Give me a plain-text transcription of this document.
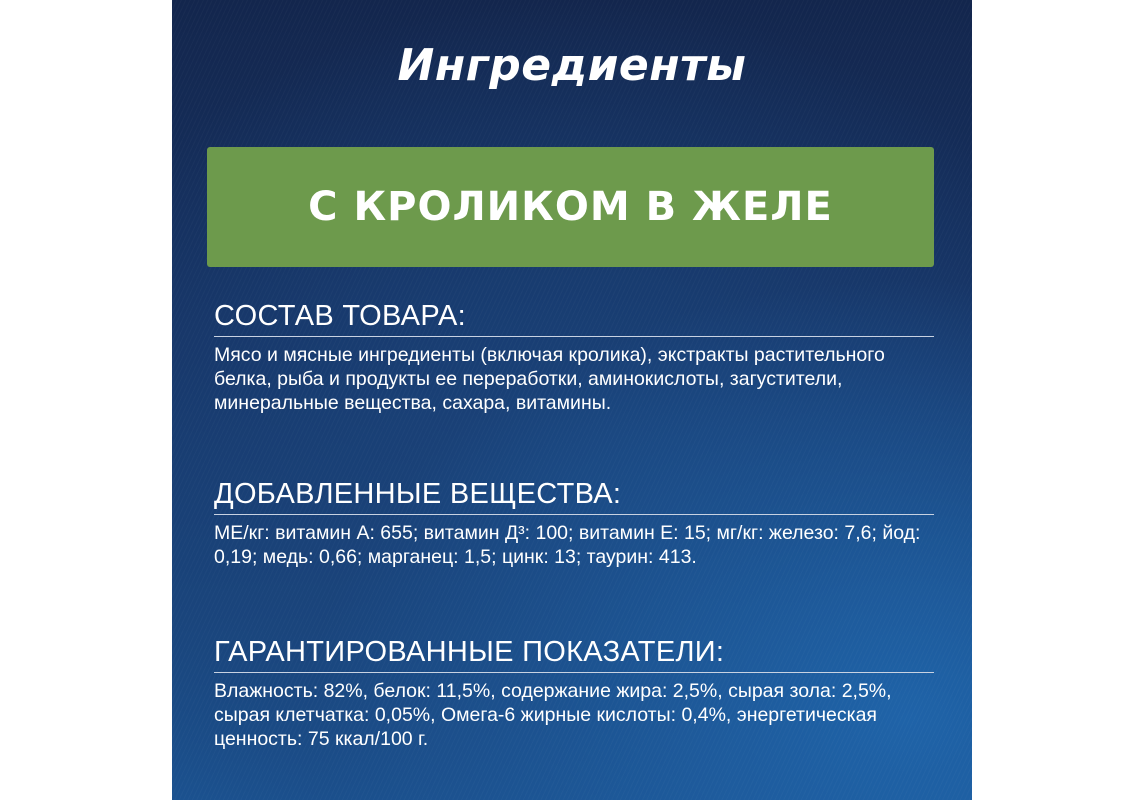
Ингредиенты
С КРОЛИКОМ В ЖЕЛЕ
СОСТАВ ТОВАРА:

Мясо и мясные ингредиенты (включая кролика), экстракты растительного белка, рыба и продукты ее переработки, аминокислоты, загустители, минеральные вещества, сахара, витамины.

ДОБАВЛЕННЫЕ ВЕЩЕСТВА:

МЕ/кг: витамин А: 655; витамин Д³: 100; витамин Е: 15; мг/кг: железо: 7,6; йод: 0,19; медь: 0,66; марганец: 1,5; цинк: 13; таурин: 413.

ГАРАНТИРОВАННЫЕ ПОКАЗАТЕЛИ:

Влажность: 82%, белок: 11,5%, содержание жира: 2,5%, сырая зола: 2,5%, сырая клетчатка: 0,05%, Омега-6 жирные кислоты: 0,4%, энергетическая ценность: 75 ккал/100 г.
